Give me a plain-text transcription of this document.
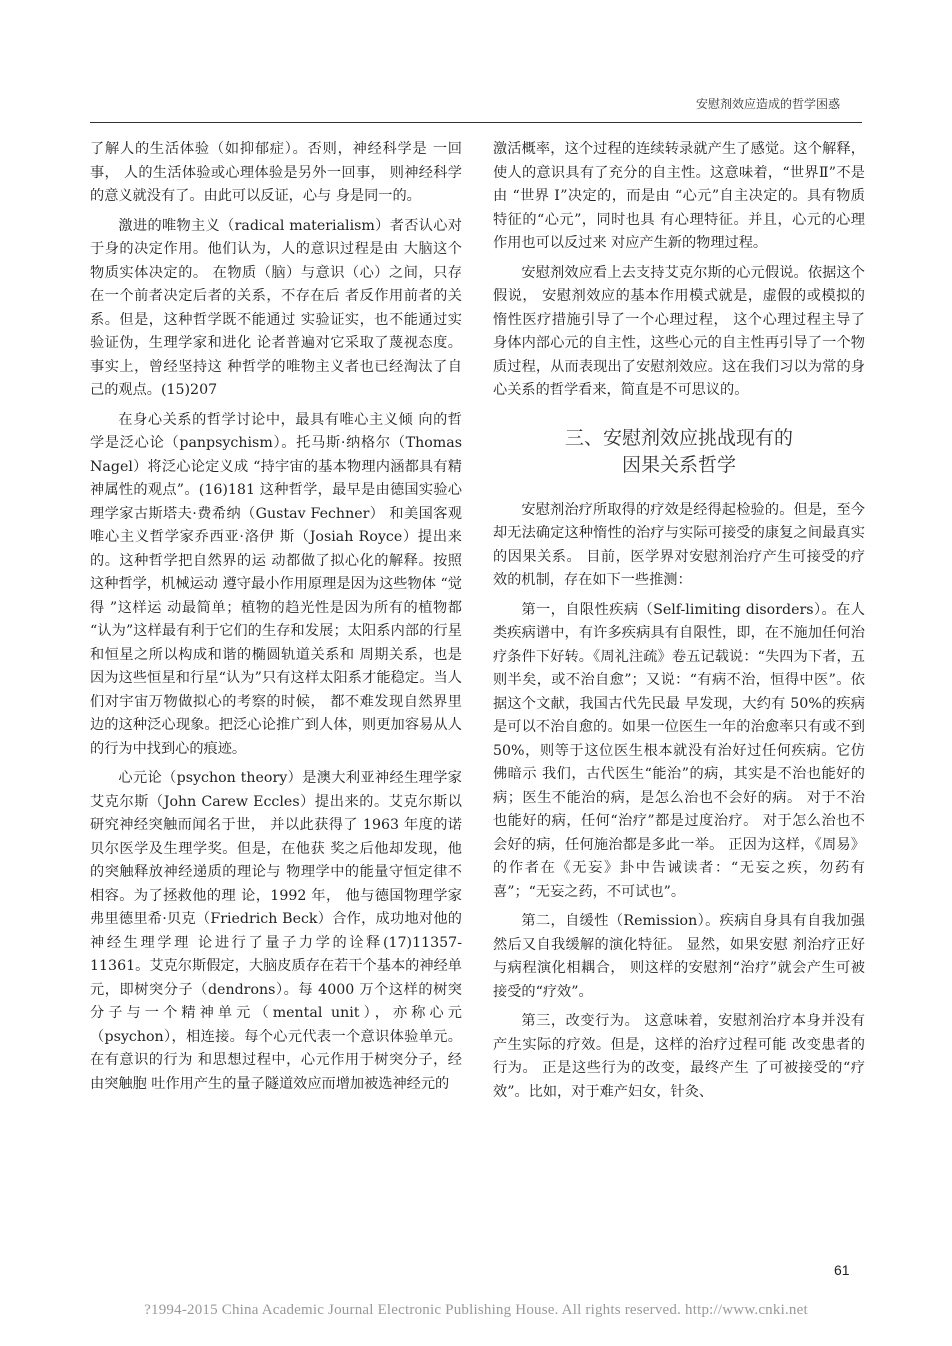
安慰剂效应造成的哲学困惑

了解人的生活体验（如抑郁症）。否则，神经科学是 一回事， 人的生活体验或心理体验是另外一回事， 则神经科学的意义就没有了。由此可以反证，心与 身是同一的。

激进的唯物主义（radical materialism）者否认心对于身的决定作用。他们认为，人的意识过程是由 大脑这个物质实体决定的。 在物质（脑）与意识（心）之间，只存在一个前者决定后者的关系，不存在后 者反作用前者的关系。但是，这种哲学既不能通过 实验证实，也不能通过实验证伪，生理学家和进化 论者普遍对它采取了蔑视态度。事实上，曾经坚持这 种哲学的唯物主义者也已经淘汰了自己的观点。(15)207

在身心关系的哲学讨论中，最具有唯心主义倾 向的哲学是泛心论（panpsychism）。托马斯·纳格尔（Thomas Nagel）将泛心论定义成 “持宇宙的基本物理内涵都具有精神属性的观点”。(16)181 这种哲学，最早是由德国实验心理学家古斯塔夫·费希纳（Gustav Fechner） 和美国客观唯心主义哲学家乔西亚·洛伊 斯（Josiah Royce）提出来的。这种哲学把自然界的运 动都做了拟心化的解释。按照这种哲学，机械运动 遵守最小作用原理是因为这些物体 “觉得 ”这样运 动最简单；植物的趋光性是因为所有的植物都 “认为”这样最有利于它们的生存和发展；太阳系内部的行星和恒星之所以构成和谐的椭圆轨道关系和 周期关系，也是因为这些恒星和行星“认为”只有这样太阳系才能稳定。当人们对宇宙万物做拟心的考察的时候， 都不难发现自然界里边的这种泛心现象。把泛心论推广到人体，则更加容易从人的行为中找到心的痕迹。

心元论（psychon theory）是澳大利亚神经生理学家艾克尔斯（John Carew Eccles）提出来的。艾克尔斯以研究神经突触而闻名于世， 并以此获得了 1963 年度的诺贝尔医学及生理学奖。但是，在他获 奖之后他却发现，他的突触释放神经递质的理论与 物理学中的能量守恒定律不相容。为了拯救他的理 论，1992 年， 他与德国物理学家弗里德里希·贝克（Friedrich Beck）合作，成功地对他的神经生理学理 论进行了量子力学的诠释(17)11357-11361。艾克尔斯假定，大脑皮质存在若干个基本的神经单元，即树突分子（dendrons）。每 4000 万个这样的树突分子与一个精神单元（mental unit），亦称心元（psychon），相连接。每个心元代表一个意识体验单元。在有意识的行为 和思想过程中，心元作用于树突分子，经由突触胞 吐作用产生的量子隧道效应而增加被选神经元的

激活概率，这个过程的连续转录就产生了感觉。这个解释，使人的意识具有了充分的自主性。这意味着，“世界Ⅱ”不是由 “世界 Ⅰ”决定的，而是由 “心元”自主决定的。具有物质特征的“心元”，同时也具 有心理特征。并且，心元的心理作用也可以反过来 对应产生新的物理过程。

安慰剂效应看上去支持艾克尔斯的心元假说。依据这个假说， 安慰剂效应的基本作用模式就是，虚假的或模拟的惰性医疗措施引导了一个心理过程， 这个心理过程主导了身体内部心元的自主性，这些心元的自主性再引导了一个物质过程，从而表现出了安慰剂效应。这在我们习以为常的身心关系的哲学看来，简直是不可思议的。

三、安慰剂效应挑战现有的
因果关系哲学

安慰剂治疗所取得的疗效是经得起检验的。但是，至今却无法确定这种惰性的治疗与实际可接受的康复之间最真实的因果关系。 目前，医学界对安慰剂治疗产生可接受的疗效的机制，存在如下一些推测：

第一，自限性疾病（Self-limiting disorders）。在人类疾病谱中，有许多疾病具有自限性，即，在不施加任何治疗条件下好转。《周礼注疏》卷五记载说：“失四为下者，五则半矣，或不治自愈”；又说：“有病不治，恒得中医”。依据这个文献，我国古代先民最 早发现，大约有 50%的疾病是可以不治自愈的。如果一位医生一年的治愈率只有或不到 50%，则等于这位医生根本就没有治好过任何疾病。它仿佛暗示 我们，古代医生“能治”的病，其实是不治也能好的病；医生不能治的病，是怎么治也不会好的病。 对于不治也能好的病，任何“治疗”都是过度治疗。 对于怎么治也不会好的病，任何施治都是多此一举。 正因为这样，《周易》的作者在《无妄》卦中告诫读者：“无妄之疾，勿药有喜”；“无妄之药，不可试也”。

第二，自缓性（Remission）。疾病自身具有自我加强然后又自我缓解的演化特征。 显然，如果安慰 剂治疗正好与病程演化相耦合， 则这样的安慰剂“治疗”就会产生可被接受的“疗效”。

第三，改变行为。 这意味着，安慰剂治疗本身并没有产生实际的疗效。但是，这样的治疗过程可能 改变患者的行为。 正是这些行为的改变，最终产生 了可被接受的“疗效”。比如，对于难产妇女，针灸、

61
?1994-2015 China Academic Journal Electronic Publishing House. All rights reserved. http://www.cnki.net
